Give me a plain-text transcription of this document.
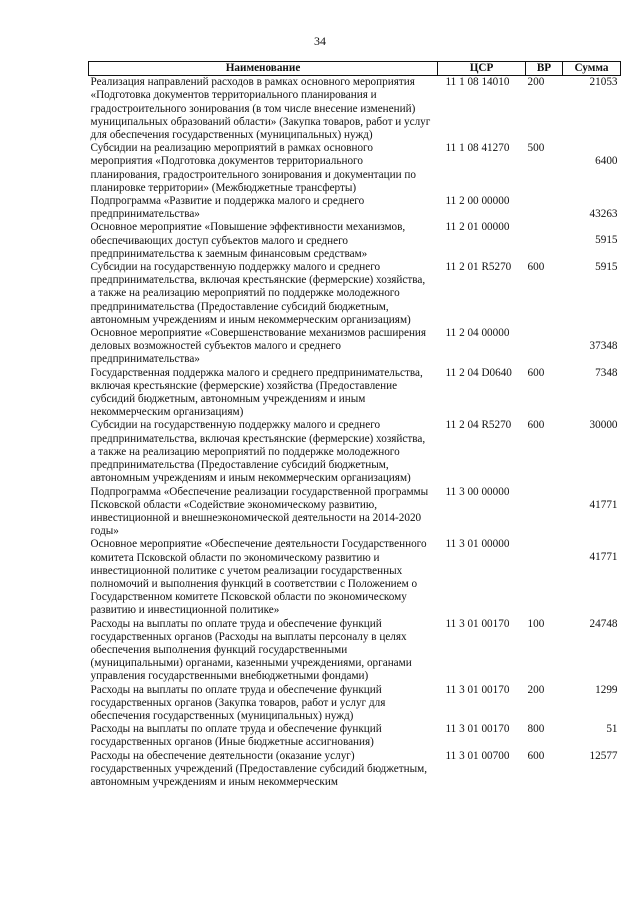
34
Наименование	ЦСР	ВР	Сумма
Реализация направлений расходов в рамках основного мероприятия «Подготовка документов территориального планирования и градостроительного зонирования (в том числе внесение изменений) муниципальных образований области» (Закупка товаров, работ и услуг для обеспечения государственных (муниципальных) нужд)	11 1 08 14010	200	21053
Субсидии на реализацию мероприятий в рамках основного мероприятия «Подготовка документов территориального планирования, градостроительного зонирования и документации по планировке территории» (Межбюджетные трансферты)	11 1 08 41270	500	6400
Подпрограмма «Развитие и поддержка малого и среднего предпринимательства»	11 2 00 00000		43263
Основное мероприятие «Повышение эффективности механизмов, обеспечивающих доступ субъектов малого и среднего предпринимательства к заемным финансовым средствам»	11 2 01 00000		5915
Субсидии на государственную поддержку малого и среднего предпринимательства, включая крестьянские (фермерские) хозяйства, а также на реализацию мероприятий по поддержке молодежного предпринимательства (Предоставление субсидий бюджетным, автономным учреждениям и иным некоммерческим организациям)	11 2 01 R5270	600	5915
Основное мероприятие «Совершенствование механизмов расширения деловых возможностей субъектов малого и среднего предпринимательства»	11 2 04 00000		37348
Государственная поддержка малого и среднего предпринимательства, включая крестьянские (фермерские) хозяйства (Предоставление субсидий бюджетным, автономным учреждениям и иным некоммерческим организациям)	11 2 04 D0640	600	7348
Субсидии на государственную поддержку малого и среднего предпринимательства, включая крестьянские (фермерские) хозяйства, а также на реализацию мероприятий по поддержке молодежного предпринимательства (Предоставление субсидий бюджетным, автономным учреждениям и иным некоммерческим организациям)	11 2 04 R5270	600	30000
Подпрограмма «Обеспечение реализации государственной программы Псковской области «Содействие экономическому развитию, инвестиционной и внешнеэкономической деятельности на 2014-2020 годы»	11 3 00 00000		41771
Основное мероприятие «Обеспечение деятельности Государственного комитета Псковской области по экономическому развитию и инвестиционной политике с учетом реализации государственных полномочий и выполнения функций в соответствии с Положением о Государственном комитете Псковской области по экономическому развитию и инвестиционной политике»	11 3 01 00000		41771
Расходы на выплаты по оплате труда и обеспечение функций государственных органов (Расходы на выплаты персоналу в целях обеспечения выполнения функций государственными (муниципальными) органами, казенными учреждениями, органами управления государственными внебюджетными фондами)	11 3 01 00170	100	24748
Расходы на выплаты по оплате труда и обеспечение функций государственных органов (Закупка товаров, работ и услуг для обеспечения государственных (муниципальных) нужд)	11 3 01 00170	200	1299
Расходы на выплаты по оплате труда и обеспечение функций государственных органов (Иные бюджетные ассигнования)	11 3 01 00170	800	51
Расходы на обеспечение деятельности (оказание услуг) государственных учреждений (Предоставление субсидий бюджетным, автономным учреждениям и иным некоммерческим	11 3 01 00700	600	12577
